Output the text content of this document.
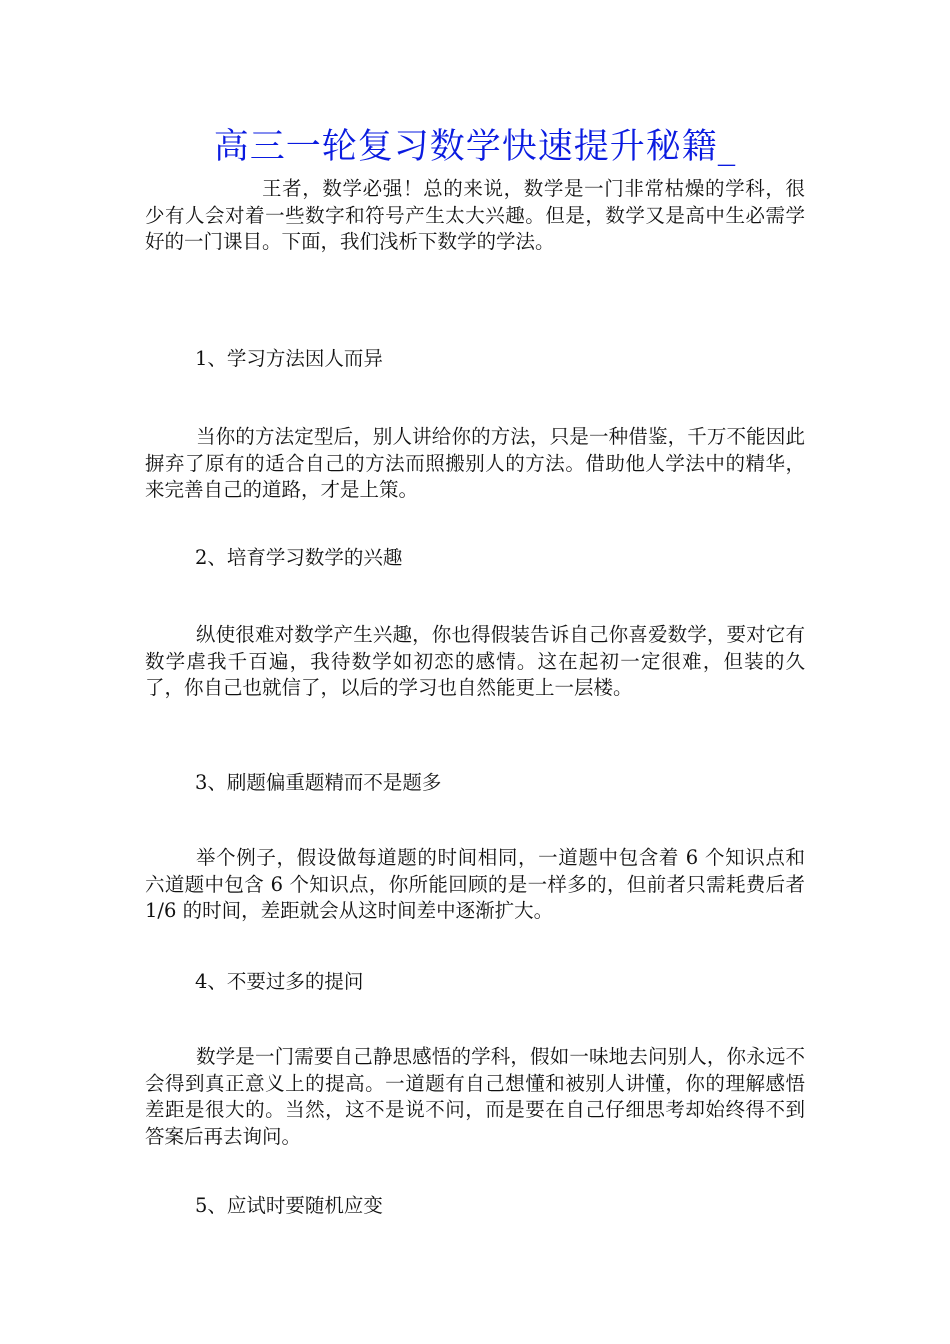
高三一轮复习数学快速提升秘籍_

王者，数学必强！总的来说，数学是一门非常枯燥的学科，很少有人会对着一些数字和符号产生太大兴趣。但是，数学又是高中生必需学好的一门课目。下面，我们浅析下数学的学法。

1、学习方法因人而异

当你的方法定型后，别人讲给你的方法，只是一种借鉴，千万不能因此摒弃了原有的适合自己的方法而照搬别人的方法。借助他人学法中的精华，来完善自己的道路，才是上策。

2、培育学习数学的兴趣

纵使很难对数学产生兴趣，你也得假装告诉自己你喜爱数学，要对它有数学虐我千百遍，我待数学如初恋的感情。这在起初一定很难，但装的久了，你自己也就信了，以后的学习也自然能更上一层楼。

3、刷题偏重题精而不是题多

举个例子，假设做每道题的时间相同，一道题中包含着 6 个知识点和六道题中包含 6 个知识点，你所能回顾的是一样多的，但前者只需耗费后者 1/6 的时间，差距就会从这时间差中逐渐扩大。

4、不要过多的提问

数学是一门需要自己静思感悟的学科，假如一味地去问别人，你永远不会得到真正意义上的提高。一道题有自己想懂和被别人讲懂，你的理解感悟差距是很大的。当然，这不是说不问，而是要在自己仔细思考却始终得不到答案后再去询问。

5、应试时要随机应变
